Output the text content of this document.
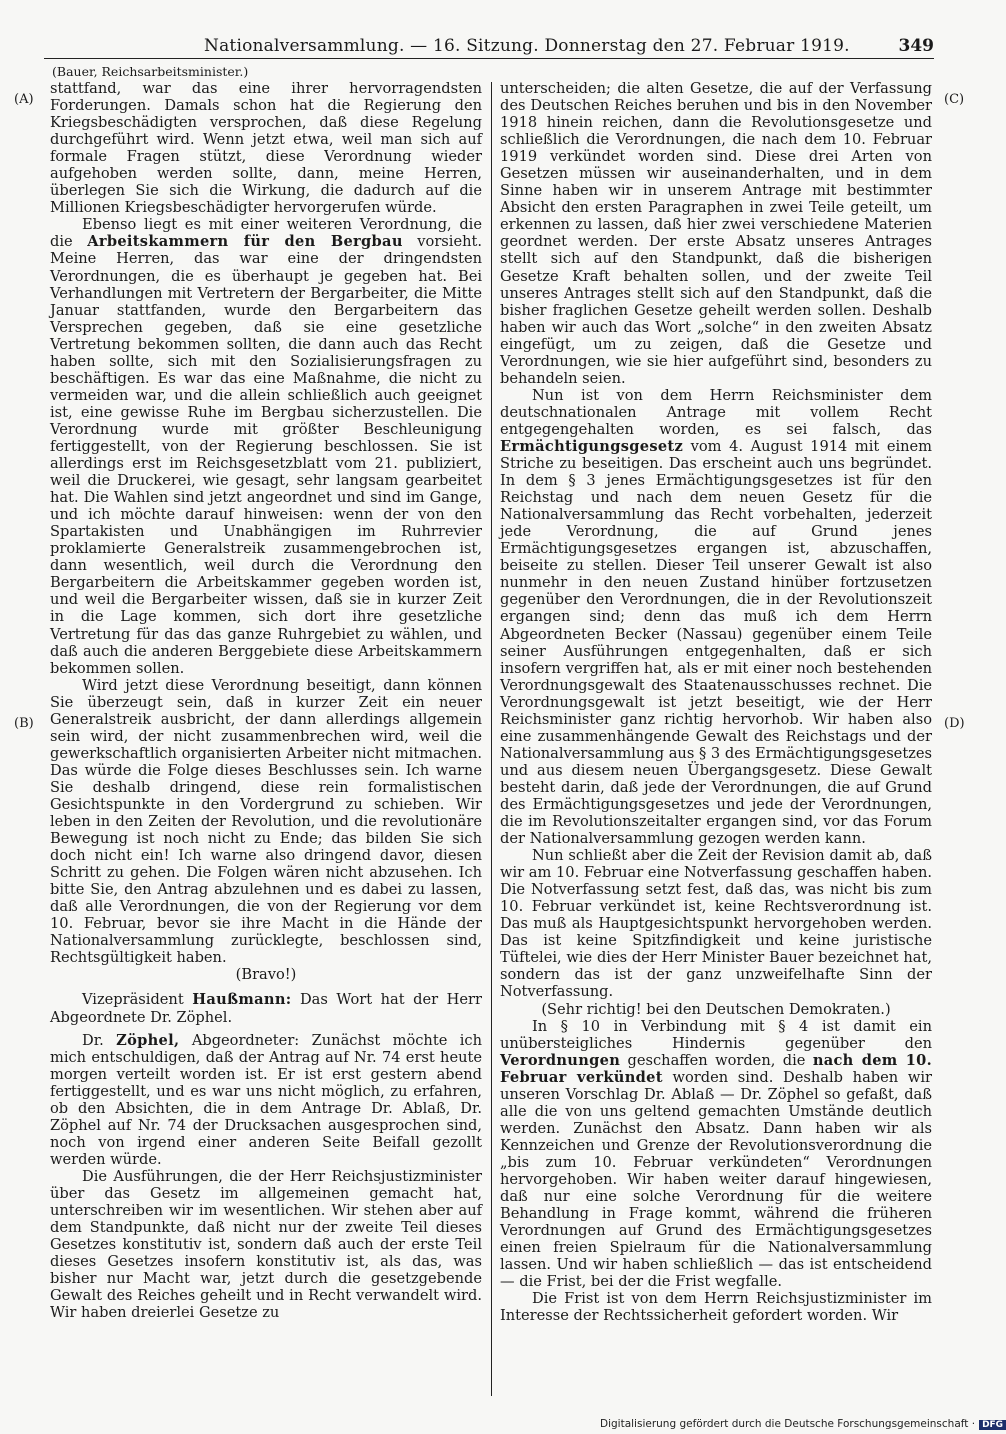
Nationalversammlung. — 16. Sitzung. Donnerstag den 27. Februar 1919.	349
(Bauer, Reichsarbeitsminister.)
(A)
(B)
(C)
(D)

stattfand, war das eine ihrer hervorragendsten Forderungen. Damals schon hat die Regierung den Kriegsbeschädigten versprochen, daß diese Regelung durchgeführt wird. Wenn jetzt etwa, weil man sich auf formale Fragen stützt, diese Verordnung wieder aufgehoben werden sollte, dann, meine Herren, überlegen Sie sich die Wirkung, die dadurch auf die Millionen Kriegsbeschädigter hervorgerufen würde.

Ebenso liegt es mit einer weiteren Verordnung, die die Arbeitskammern für den Bergbau vorsieht. Meine Herren, das war eine der dringendsten Verordnungen, die es überhaupt je gegeben hat. Bei Verhandlungen mit Vertretern der Bergarbeiter, die Mitte Januar stattfanden, wurde den Bergarbeitern das Versprechen gegeben, daß sie eine gesetzliche Vertretung bekommen sollten, die dann auch das Recht haben sollte, sich mit den Sozialisierungsfragen zu beschäftigen. Es war das eine Maßnahme, die nicht zu vermeiden war, und die allein schließlich auch geeignet ist, eine gewisse Ruhe im Bergbau sicherzustellen. Die Verordnung wurde mit größter Beschleunigung fertiggestellt, von der Regierung beschlossen. Sie ist allerdings erst im Reichsgesetzblatt vom 21. publiziert, weil die Druckerei, wie gesagt, sehr langsam gearbeitet hat. Die Wahlen sind jetzt angeordnet und sind im Gange, und ich möchte darauf hinweisen: wenn der von den Spartakisten und Unabhängigen im Ruhrrevier proklamierte Generalstreik zusammengebrochen ist, dann wesentlich, weil durch die Verordnung den Bergarbeitern die Arbeitskammer gegeben worden ist, und weil die Bergarbeiter wissen, daß sie in kurzer Zeit in die Lage kommen, sich dort ihre gesetzliche Vertretung für das das ganze Ruhrgebiet zu wählen, und daß auch die anderen Berggebiete diese Arbeitskammern bekommen sollen.

Wird jetzt diese Verordnung beseitigt, dann können Sie überzeugt sein, daß in kurzer Zeit ein neuer Generalstreik ausbricht, der dann allerdings allgemein sein wird, der nicht zusammenbrechen wird, weil die gewerkschaftlich organisierten Arbeiter nicht mitmachen. Das würde die Folge dieses Beschlusses sein. Ich warne Sie deshalb dringend, diese rein formalistischen Gesichtspunkte in den Vordergrund zu schieben. Wir leben in den Zeiten der Revolution, und die revolutionäre Bewegung ist noch nicht zu Ende; das bilden Sie sich doch nicht ein! Ich warne also dringend davor, diesen Schritt zu gehen. Die Folgen wären nicht abzusehen. Ich bitte Sie, den Antrag abzulehnen und es dabei zu lassen, daß alle Verordnungen, die von der Regierung vor dem 10. Februar, bevor sie ihre Macht in die Hände der Nationalversammlung zurücklegte, beschlossen sind, Rechtsgültigkeit haben.

(Bravo!)

Vizepräsident Haußmann: Das Wort hat der Herr Abgeordnete Dr. Zöphel.

Dr. Zöphel, Abgeordneter: Zunächst möchte ich mich entschuldigen, daß der Antrag auf Nr. 74 erst heute morgen verteilt worden ist. Er ist erst gestern abend fertiggestellt, und es war uns nicht möglich, zu erfahren, ob den Absichten, die in dem Antrage Dr. Ablaß, Dr. Zöphel auf Nr. 74 der Drucksachen ausgesprochen sind, noch von irgend einer anderen Seite Beifall gezollt werden würde.

Die Ausführungen, die der Herr Reichsjustizminister über das Gesetz im allgemeinen gemacht hat, unterschreiben wir im wesentlichen. Wir stehen aber auf dem Standpunkte, daß nicht nur der zweite Teil dieses Gesetzes konstitutiv ist, sondern daß auch der erste Teil dieses Gesetzes insofern konstitutiv ist, als das, was bisher nur Macht war, jetzt durch die gesetzgebende Gewalt des Reiches geheilt und in Recht verwandelt wird. Wir haben dreierlei Gesetze zu

unterscheiden; die alten Gesetze, die auf der Verfassung des Deutschen Reiches beruhen und bis in den November 1918 hinein reichen, dann die Revolutionsgesetze und schließlich die Verordnungen, die nach dem 10. Februar 1919 verkündet worden sind. Diese drei Arten von Gesetzen müssen wir auseinanderhalten, und in dem Sinne haben wir in unserem Antrage mit bestimmter Absicht den ersten Paragraphen in zwei Teile geteilt, um erkennen zu lassen, daß hier zwei verschiedene Materien geordnet werden. Der erste Absatz unseres Antrages stellt sich auf den Standpunkt, daß die bisherigen Gesetze Kraft behalten sollen, und der zweite Teil unseres Antrages stellt sich auf den Standpunkt, daß die bisher fraglichen Gesetze geheilt werden sollen. Deshalb haben wir auch das Wort „solche“ in den zweiten Absatz eingefügt, um zu zeigen, daß die Gesetze und Verordnungen, wie sie hier aufgeführt sind, besonders zu behandeln seien.

Nun ist von dem Herrn Reichsminister dem deutschnationalen Antrage mit vollem Recht entgegengehalten worden, es sei falsch, das Ermächtigungsgesetz vom 4. August 1914 mit einem Striche zu beseitigen. Das erscheint auch uns begründet. In dem § 3 jenes Ermächtigungsgesetzes ist für den Reichstag und nach dem neuen Gesetz für die Nationalversammlung das Recht vorbehalten, jederzeit jede Verordnung, die auf Grund jenes Ermächtigungsgesetzes ergangen ist, abzuschaffen, beiseite zu stellen. Dieser Teil unserer Gewalt ist also nunmehr in den neuen Zustand hinüber fortzusetzen gegenüber den Verordnungen, die in der Revolutionszeit ergangen sind; denn das muß ich dem Herrn Abgeordneten Becker (Nassau) gegenüber einem Teile seiner Ausführungen entgegenhalten, daß er sich insofern vergriffen hat, als er mit einer noch bestehenden Verordnungsgewalt des Staatenausschusses rechnet. Die Verordnungsgewalt ist jetzt beseitigt, wie der Herr Reichsminister ganz richtig hervorhob. Wir haben also eine zusammenhängende Gewalt des Reichstags und der Nationalversammlung aus § 3 des Ermächtigungsgesetzes und aus diesem neuen Übergangsgesetz. Diese Gewalt besteht darin, daß jede der Verordnungen, die auf Grund des Ermächtigungsgesetzes und jede der Verordnungen, die im Revolutionszeitalter ergangen sind, vor das Forum der Nationalversammlung gezogen werden kann.

Nun schließt aber die Zeit der Revision damit ab, daß wir am 10. Februar eine Notverfassung geschaffen haben. Die Notverfassung setzt fest, daß das, was nicht bis zum 10. Februar verkündet ist, keine Rechtsverordnung ist. Das muß als Hauptgesichtspunkt hervorgehoben werden. Das ist keine Spitzfindigkeit und keine juristische Tüftelei, wie dies der Herr Minister Bauer bezeichnet hat, sondern das ist der ganz unzweifelhafte Sinn der Notverfassung.

(Sehr richtig! bei den Deutschen Demokraten.)

In § 10 in Verbindung mit § 4 ist damit ein unübersteigliches Hindernis gegenüber den Verordnungen geschaffen worden, die nach dem 10. Februar verkündet worden sind. Deshalb haben wir unseren Vorschlag Dr. Ablaß — Dr. Zöphel so gefaßt, daß alle die von uns geltend gemachten Umstände deutlich werden. Zunächst den Absatz. Dann haben wir als Kennzeichen und Grenze der Revolutionsverordnung die „bis zum 10. Februar verkündeten“ Verordnungen hervorgehoben. Wir haben weiter darauf hingewiesen, daß nur eine solche Verordnung für die weitere Behandlung in Frage kommt, während die früheren Verordnungen auf Grund des Ermächtigungsgesetzes einen freien Spielraum für die Nationalversammlung lassen. Und wir haben schließlich — das ist entscheidend — die Frist, bei der die Frist wegfalle.

Die Frist ist von dem Herrn Reichsjustizminister im Interesse der Rechtssicherheit gefordert worden. Wir

Digitalisierung gefördert durch die Deutsche Forschungsgemeinschaft · DFG
